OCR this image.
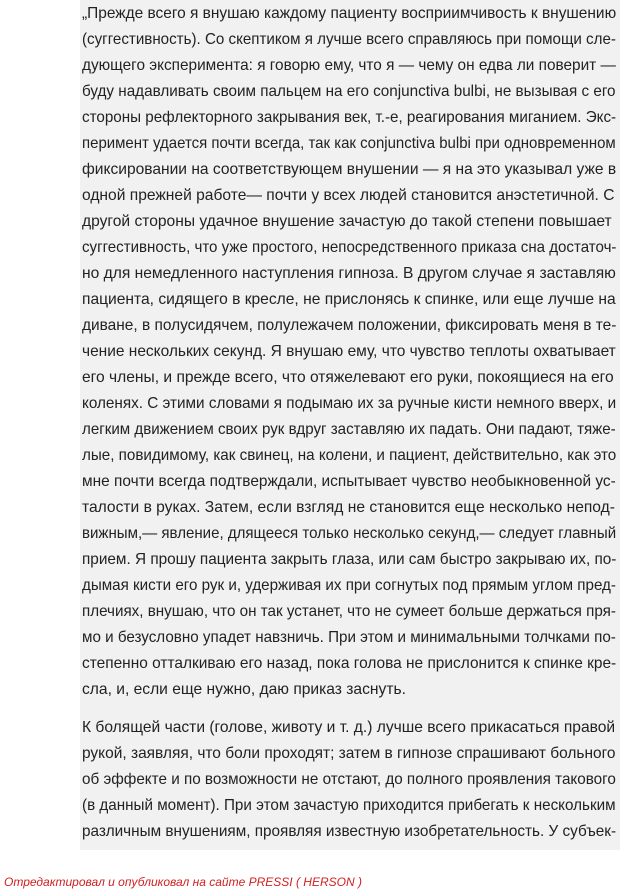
„Прежде всего я внушаю каждому пациенту восприимчивость к внушению
(суггестивность). Со скептиком я лучше всего справляюсь при помощи сле-
дующего эксперимента: я говорю ему, что я — чему он едва ли поверит —
буду надавливать своим пальцем на его conjunctiva bulbi, не вызывая с его
стороны рефлекторного закрывания век, т.-е, реагирования миганием. Экс-
перимент удается почти всегда, так как conjunctiva bulbi при одновременном
фиксировании на соответствующем внушении — я на это указывал уже в
одной прежней работе— почти у всех людей становится анэстетичной. С
другой стороны удачное внушение зачастую до такой степени повышает
суггестивность, что уже простого, непосредственного приказа сна достаточ-
но для немедленного наступления гипноза. В другом случае я заставляю
пациента, сидящего в кресле, не прислонясь к спинке, или еще лучше на
диване, в полусидячем, полулежачем положении, фиксировать меня в те-
чение нескольких секунд. Я внушаю ему, что чувство теплоты охватывает
его члены, и прежде всего, что отяжелевают его руки, покоящиеся на его
коленях. С этими словами я подымаю их за ручные кисти немного вверх, и
легким движением своих рук вдруг заставляю их падать. Они падают, тяже-
лые, повидимому, как свинец, на колени, и пациент, действительно, как это
мне почти всегда подтверждали, испытывает чувство необыкновенной ус-
талости в руках. Затем, если взгляд не становится еще несколько непод-
вижным,— явление, длящееся только несколько секунд,— следует главный
прием. Я прошу пациента закрыть глаза, или сам быстро закрываю их, по-
дымая кисти его рук и, удерживая их при согнутых под прямым углом пред-
плечиях, внушаю, что он так устанет, что не сумеет больше держаться пря-
мо и безусловно упадет навзничь. При этом и минимальными толчками по-
степенно отталкиваю его назад, пока голова не прислонится к спинке кре-
сла, и, если еще нужно, даю приказ заснуть.
К болящей части (голове, животу и т. д.) лучше всего прикасаться правой
рукой, заявляя, что боли проходят; затем в гипнозе спрашивают больного
об эффекте и по возможности не отстают, до полного проявления такового
(в данный момент). При этом зачастую приходится прибегать к нескольким
различным внушениям, проявляя известную изобретательность. У субъек-
Отредактировал и опубликовал на сайте PRESSI ( HERSON )
